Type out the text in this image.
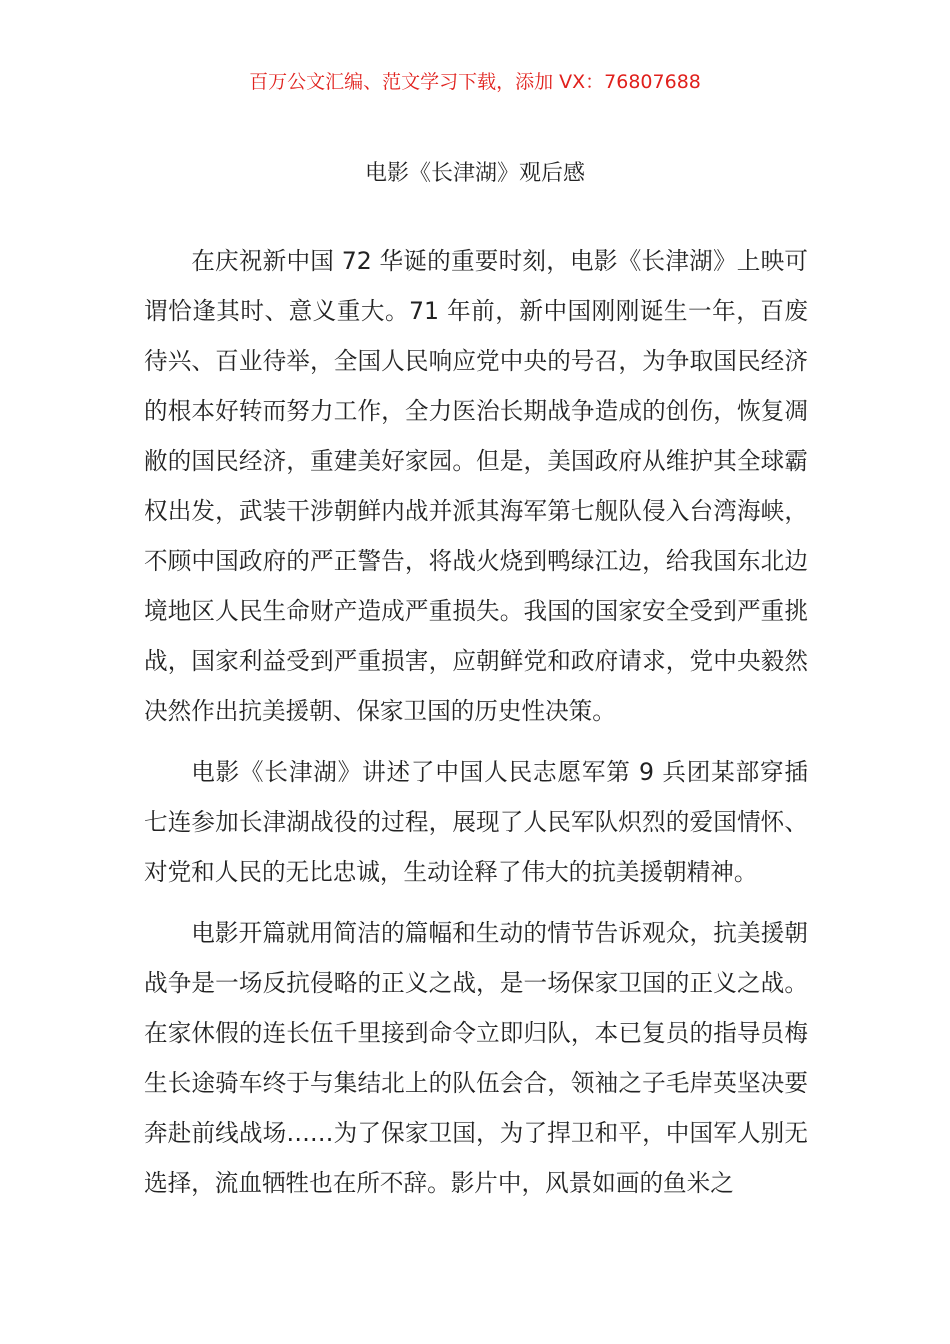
百万公文汇编、范文学习下载，添加 VX：76807688
电影《长津湖》观后感

在庆祝新中国 72 华诞的重要时刻，电影《长津湖》上映可谓恰逢其时、意义重大。71 年前，新中国刚刚诞生一年，百废待兴、百业待举，全国人民响应党中央的号召，为争取国民经济的根本好转而努力工作，全力医治长期战争造成的创伤，恢复凋敝的国民经济，重建美好家园。但是，美国政府从维护其全球霸权出发，武装干涉朝鲜内战并派其海军第七舰队侵入台湾海峡，不顾中国政府的严正警告，将战火烧到鸭绿江边，给我国东北边境地区人民生命财产造成严重损失。我国的国家安全受到严重挑战，国家利益受到严重损害，应朝鲜党和政府请求，党中央毅然决然作出抗美援朝、保家卫国的历史性决策。

电影《长津湖》讲述了中国人民志愿军第 9 兵团某部穿插七连参加长津湖战役的过程，展现了人民军队炽烈的爱国情怀、对党和人民的无比忠诚，生动诠释了伟大的抗美援朝精神。

电影开篇就用简洁的篇幅和生动的情节告诉观众，抗美援朝战争是一场反抗侵略的正义之战，是一场保家卫国的正义之战。在家休假的连长伍千里接到命令立即归队，本已复员的指导员梅生长途骑车终于与集结北上的队伍会合，领袖之子毛岸英坚决要奔赴前线战场……为了保家卫国，为了捍卫和平，中国军人别无选择，流血牺牲也在所不辞。影片中，风景如画的鱼米之
